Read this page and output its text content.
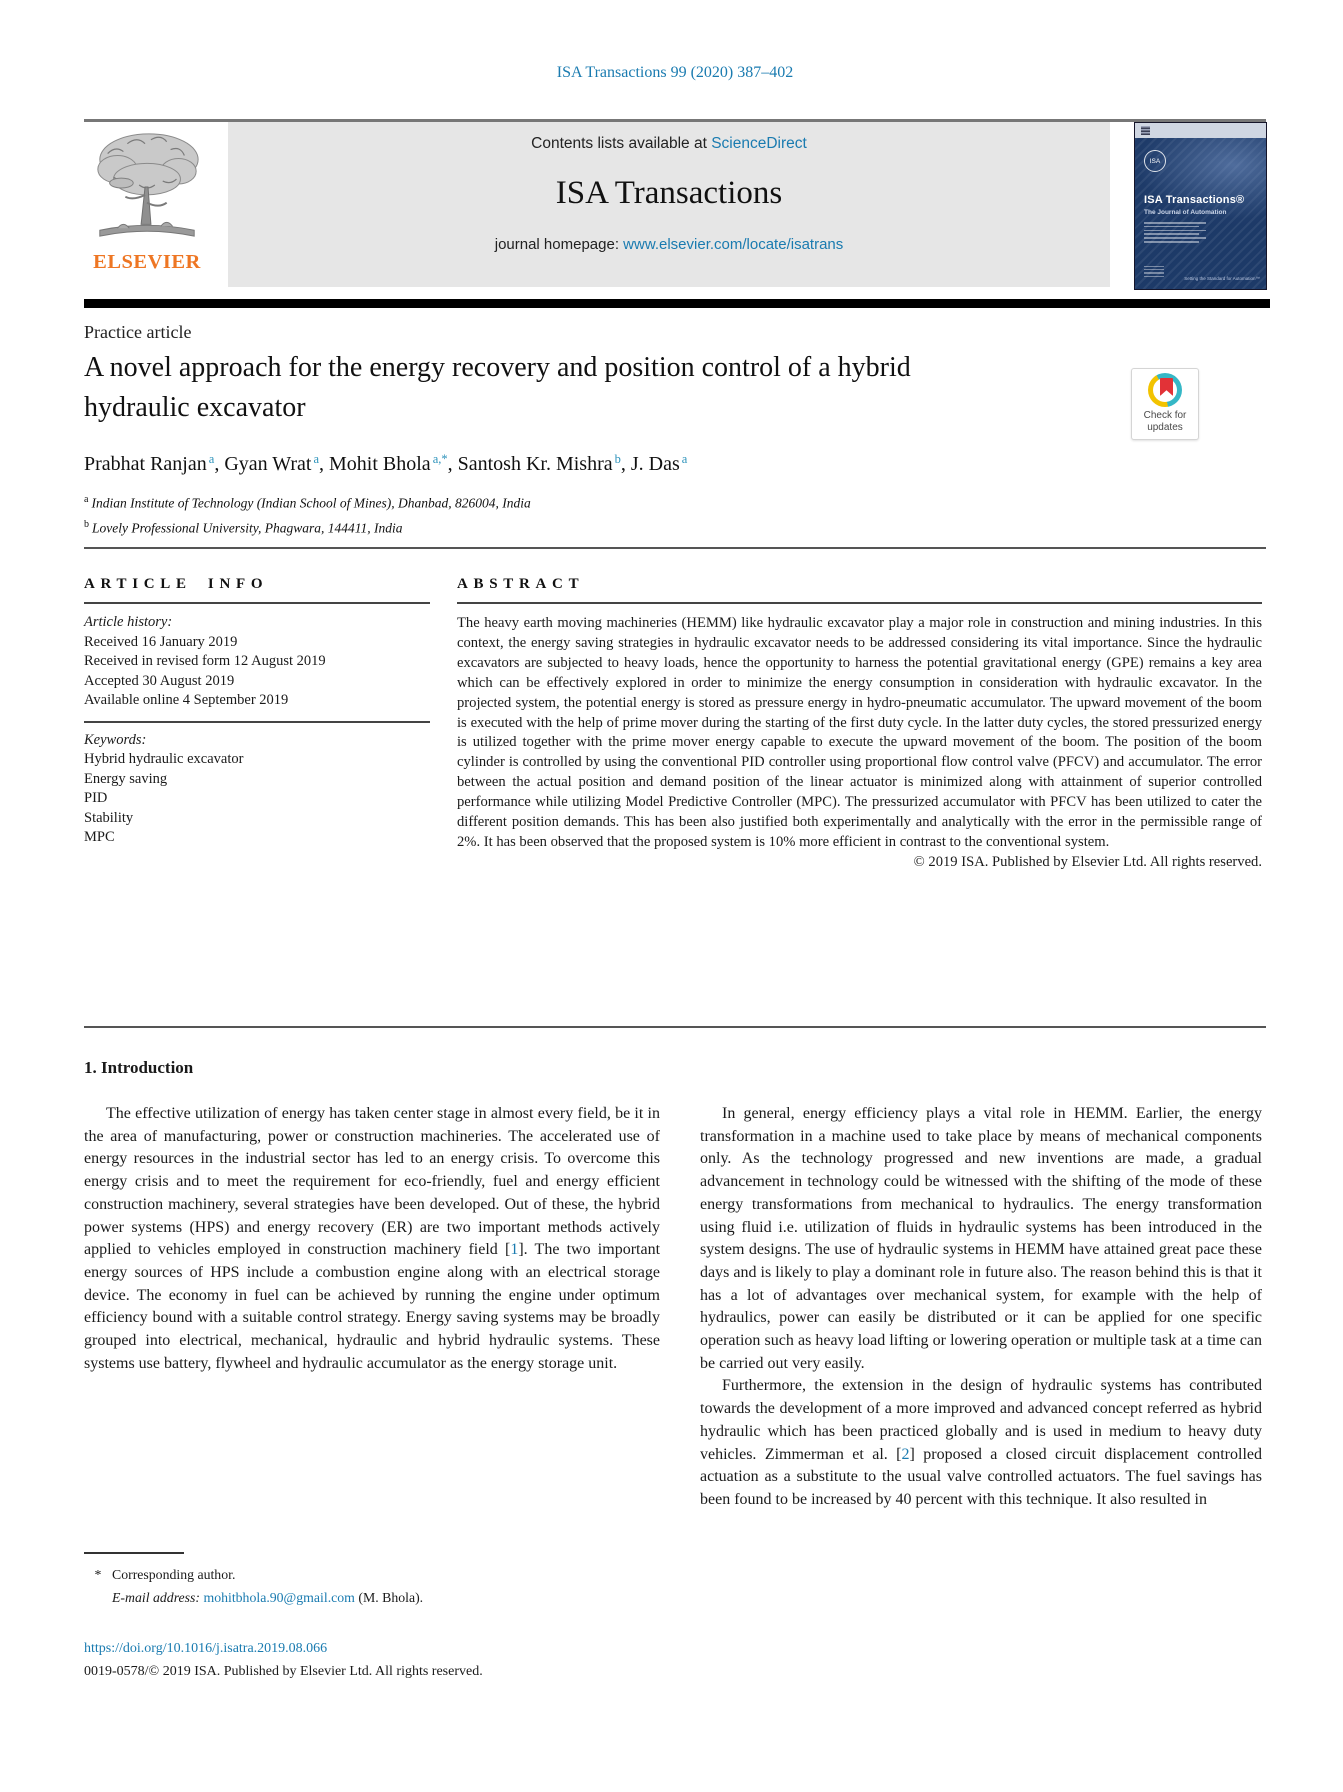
ISA Transactions 99 (2020) 387–402
ELSEVIER
Contents lists available at ScienceDirect
ISA Transactions
journal homepage: www.elsevier.com/locate/isatrans
ISA
ISA Transactions®
The Journal of Automation
Setting the Standard for Automation™
Practice article
A novel approach for the energy recovery and position control of a hybrid hydraulic excavator	Check for
updates
Prabhat Ranjan $^a$, Gyan Wrat $^a$, Mohit Bhola $^{a,*}$, Santosh Kr. Mishra $^b$, J. Das $^a$
$^a$ Indian Institute of Technology (Indian School of Mines), Dhanbad, 826004, India
$^b$ Lovely Professional University, Phagwara, 144411, India
ARTICLE INFO
Article history:
Received 16 January 2019
Received in revised form 12 August 2019
Accepted 30 August 2019
Available online 4 September 2019
Keywords:
Hybrid hydraulic excavator
Energy saving
PID
Stability
MPC
ABSTRACT
The heavy earth moving machineries (HEMM) like hydraulic excavator play a major role in construction and mining industries. In this context, the energy saving strategies in hydraulic excavator needs to be addressed considering its vital importance. Since the hydraulic excavators are subjected to heavy loads, hence the opportunity to harness the potential gravitational energy (GPE) remains a key area which can be effectively explored in order to minimize the energy consumption in consideration with hydraulic excavator. In the projected system, the potential energy is stored as pressure energy in hydro-pneumatic accumulator. The upward movement of the boom is executed with the help of prime mover during the starting of the first duty cycle. In the latter duty cycles, the stored pressurized energy is utilized together with the prime mover energy capable to execute the upward movement of the boom. The position of the boom cylinder is controlled by using the conventional PID controller using proportional flow control valve (PFCV) and accumulator. The error between the actual position and demand position of the linear actuator is minimized along with attainment of superior controlled performance while utilizing Model Predictive Controller (MPC). The pressurized accumulator with PFCV has been utilized to cater the different position demands. This has been also justified both experimentally and analytically with the error in the permissible range of 2%. It has been observed that the proposed system is 10% more efficient in contrast to the conventional system.
© 2019 ISA. Published by Elsevier Ltd. All rights reserved.
1. Introduction

The effective utilization of energy has taken center stage in almost every field, be it in the area of manufacturing, power or construction machineries. The accelerated use of energy resources in the industrial sector has led to an energy crisis. To overcome this energy crisis and to meet the requirement for eco-friendly, fuel and energy efficient construction machinery, several strategies have been developed. Out of these, the hybrid power systems (HPS) and energy recovery (ER) are two important methods actively applied to vehicles employed in construction machinery field [1]. The two important energy sources of HPS include a combustion engine along with an electrical storage device. The economy in fuel can be achieved by running the engine under optimum efficiency bound with a suitable control strategy. Energy saving systems may be broadly grouped into electrical, mechanical, hydraulic and hybrid hydraulic systems. These systems use battery, flywheel and hydraulic accumulator as the energy storage unit.

In general, energy efficiency plays a vital role in HEMM. Earlier, the energy transformation in a machine used to take place by means of mechanical components only. As the technology progressed and new inventions are made, a gradual advancement in technology could be witnessed with the shifting of the mode of these energy transformations from mechanical to hydraulics. The energy transformation using fluid i.e. utilization of fluids in hydraulic systems has been introduced in the system designs. The use of hydraulic systems in HEMM have attained great pace these days and is likely to play a dominant role in future also. The reason behind this is that it has a lot of advantages over mechanical system, for example with the help of hydraulics, power can easily be distributed or it can be applied for one specific operation such as heavy load lifting or lowering operation or multiple task at a time can be carried out very easily.

Furthermore, the extension in the design of hydraulic systems has contributed towards the development of a more improved and advanced concept referred as hybrid hydraulic which has been practiced globally and is used in medium to heavy duty vehicles. Zimmerman et al. [2] proposed a closed circuit displacement controlled actuation as a substitute to the usual valve controlled actuators. The fuel savings has been found to be increased by 40 percent with this technique. It also resulted in

* Corresponding author.
E-mail address: mohitbhola.90@gmail.com (M. Bhola).
https://doi.org/10.1016/j.isatra.2019.08.066
0019-0578/© 2019 ISA. Published by Elsevier Ltd. All rights reserved.
